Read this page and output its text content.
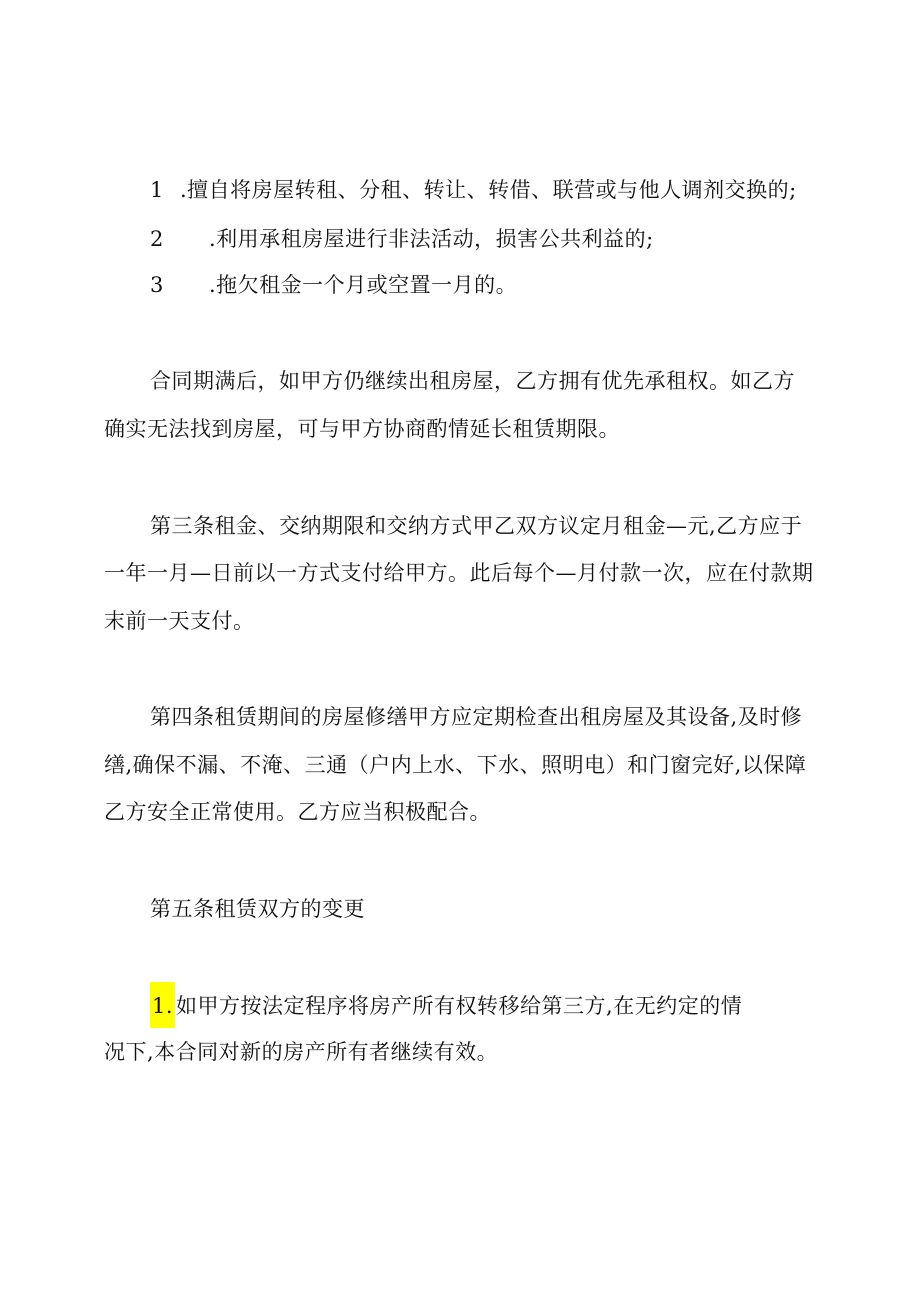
1 .擅自将房屋转租、分租、转让、转借、联营或与他人调剂交换的;
2 .利用承租房屋进行非法活动，损害公共利益的;
3 .拖欠租金一个月或空置一月的。
合同期满后，如甲方仍继续出租房屋，乙方拥有优先承租权。如乙方
确实无法找到房屋，可与甲方协商酌情延长租赁期限。
第三条租金、交纳期限和交纳方式甲乙双方议定月租金—元,乙方应于
一年一月—日前以一方式支付给甲方。此后每个—月付款一次，应在付款期
末前一天支付。
第四条租赁期间的房屋修缮甲方应定期检查出租房屋及其设备,及时修
缮,确保不漏、不淹、三通（户内上水、下水、照明电）和门窗完好,以保障
乙方安全正常使用。乙方应当积极配合。
第五条租赁双方的变更
1. 如甲方按法定程序将房产所有权转移给第三方,在无约定的情
况下,本合同对新的房产所有者继续有效。
